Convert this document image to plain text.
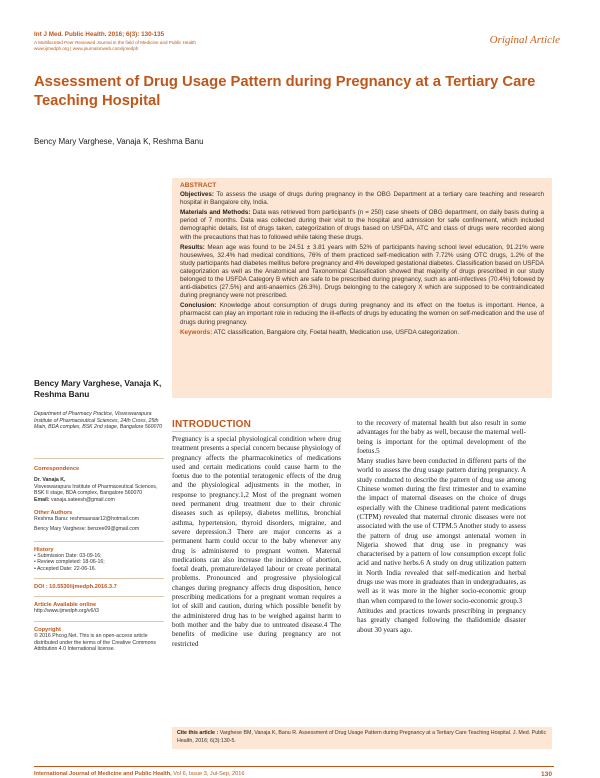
Int J Med. Public Health. 2016; 6(3): 130-135
A Multifaceted Peer Reviewed Journal in the field of Medicine and Public Health
www.ijmedph.org | www.journalonweb.com/ijmedph
Original Article
Assessment of Drug Usage Pattern during Pregnancy at a Tertiary Care Teaching Hospital
Bency Mary Varghese, Vanaja K, Reshma Banu
ABSTRACT

Objectives: To assess the usage of drugs during pregnancy in the OBG Department at a tertiary care teaching and research hospital in Bangalore city, India.

Materials and Methods: Data was retrieved from participant's (n = 250) case sheets of OBG department, on daily basis during a period of 7 months. Data was collected during their visit to the hospital and admission for safe confinement, which included demographic details, list of drugs taken, categorization of drugs based on USFDA, ATC and class of drugs were recorded along with the precautions that has to followed while taking these drugs.

Results: Mean age was found to be 24.51 ± 3.81 years with 52% of participants having school level education, 91.21% were housewives, 32.4% had medical conditions, 76% of them practiced self-medication with 7.72% using OTC drugs, 1.2% of the study participants had diabetes mellitus before pregnancy and 4% developed gestational diabetes. Classification based on USFDA categorization as well as the Anatomical and Taxonomical Classification showed that majority of drugs prescribed in our study belonged to the USFDA Category B which are safe to be prescribed during pregnancy, such as anti-infectives (70.4%) followed by anti-diabetics (27.5%) and anti-anaemics (26.3%). Drugs belonging to the category X which are supposed to be contraindicated during pregnancy were not prescribed.

Conclusion: Knowledge about consumption of drugs during pregnancy and its effect on the foetus is important. Hence, a pharmacist can play an important role in reducing the ill-effects of drugs by educating the women on self-medication and the use of drugs during pregnancy.

Keywords: ATC classification, Bangalore city, Foetal health, Medication use, USFDA categorization.

Bency Mary Varghese, Vanaja K, Reshma Banu
Department of Pharmacy Practice, Visveswarapura Institute of Pharmaceutical Sciences, 24th Cross, 25th Main, BDA complex, BSK 2nd stage, Bangalore 560070
Correspondence
Dr. Vanaja K,
Visveswarapura Institute of Pharmaceutical Sciences, BSK II stage, BDA complex, Bangalore 560070
Email: vanaja.sateesh@gmail.com
Other Authors
Reshma Banu: reshmaansar12@hotmail.com
Bency Mary Varghese: benzee09@gmail.com
History
• Submission Date: 03-09-16;
• Review completed: 18-06-16;
• Accepted Date: 22-06-16.
DOI : 10.5530/ijmedph.2016.3.7
Article Available online
http://www.ijmedph.org/v6/i3
Copyright
© 2016 Phcog.Net. This is an open-access article distributed under the terms of the Creative Commons Attribution 4.0 International license.
INTRODUCTION

Pregnancy is a special physiological condition where drug treatment presents a special concern because physiology of pregnancy affects the pharmacokinetics of medications used and certain medications could cause harm to the foetus due to the potential teratogenic effects of the drug and the physiological adjustments in the mother, in response to pregnancy.1,2 Most of the pregnant women need permanent drug treatment due to their chronic diseases such as epilepsy, diabetes mellitus, bronchial asthma, hypertension, thyroid disorders, migraine, and severe depression.3 There are major concerns as a permanent harm could occur to the baby whenever any drug is administered to pregnant women. Maternal medications can also increase the incidence of abortion, foetal death, premature/delayed labour or create perinatal problems. Pronounced and progressive physiological changes during pregnancy affects drug disposition, hence prescribing medications for a pregnant woman requires a lot of skill and caution, during which possible benefit by the administered drug has to be weighed against harm to both mother and the baby due to untreated disease.4 The benefits of medicine use during pregnancy are not restricted

to the recovery of maternal health but also result in some advantages for the baby as well, because the maternal well-being is important for the optimal development of the foetus.5

Many studies have been conducted in different parts of the world to assess the drug usage pattern during pregnancy. A study conducted to describe the pattern of drug use among Chinese women during the first trimester and to examine the impact of maternal diseases on the choice of drugs especially with the Chinese traditional patent medications (CTPM) revealed that maternal chronic diseases were not associated with the use of CTPM.5 Another study to assess the pattern of drug use amongst antenatal women in Nigeria showed that drug use in pregnancy was characterised by a pattern of low consumption except folic acid and native herbs.6 A study on drug utilization pattern in North India revealed that self-medication and herbal drugs use was more in graduates than in undergraduates, as well as it was more in the higher socio-economic group than when compared to the lower socio-economic group.3

Attitudes and practices towards prescribing in pregnancy has greatly changed following the thalidomide disaster about 30 years ago.

Cite this article : Varghese BM, Vanaja K, Banu R. Assessment of Drug Usage Pattern during Pregnancy at a Tertiary Care Teaching Hospital. J. Med. Public Health, 2016; 6(3):130-5.
International Journal of Medicine and Public Health, Vol 6, Issue 3, Jul-Sep, 2016	130
